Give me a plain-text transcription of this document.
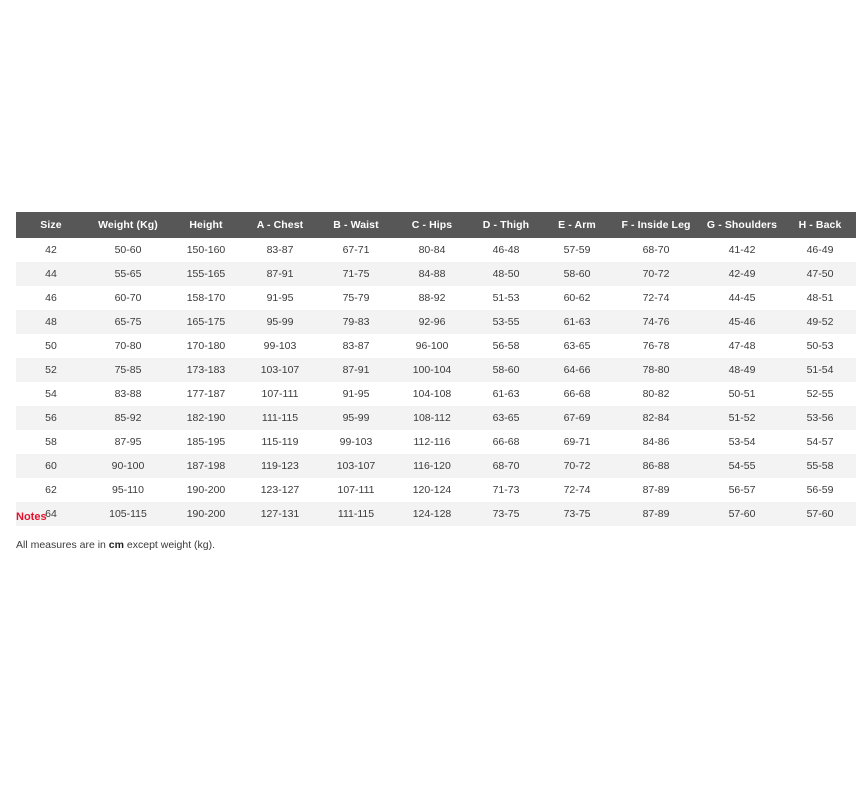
Size	Weight (Kg)	Height	A - Chest	B - Waist	C - Hips	D - Thigh	E - Arm	F - Inside Leg	G - Shoulders	H - Back
42	50-60	150-160	83-87	67-71	80-84	46-48	57-59	68-70	41-42	46-49
44	55-65	155-165	87-91	71-75	84-88	48-50	58-60	70-72	42-49	47-50
46	60-70	158-170	91-95	75-79	88-92	51-53	60-62	72-74	44-45	48-51
48	65-75	165-175	95-99	79-83	92-96	53-55	61-63	74-76	45-46	49-52
50	70-80	170-180	99-103	83-87	96-100	56-58	63-65	76-78	47-48	50-53
52	75-85	173-183	103-107	87-91	100-104	58-60	64-66	78-80	48-49	51-54
54	83-88	177-187	107-111	91-95	104-108	61-63	66-68	80-82	50-51	52-55
56	85-92	182-190	111-115	95-99	108-112	63-65	67-69	82-84	51-52	53-56
58	87-95	185-195	115-119	99-103	112-116	66-68	69-71	84-86	53-54	54-57
60	90-100	187-198	119-123	103-107	116-120	68-70	70-72	86-88	54-55	55-58
62	95-110	190-200	123-127	107-111	120-124	71-73	72-74	87-89	56-57	56-59
64	105-115	190-200	127-131	111-115	124-128	73-75	73-75	87-89	57-60	57-60
Notes
All measures are in cm except weight (kg).
